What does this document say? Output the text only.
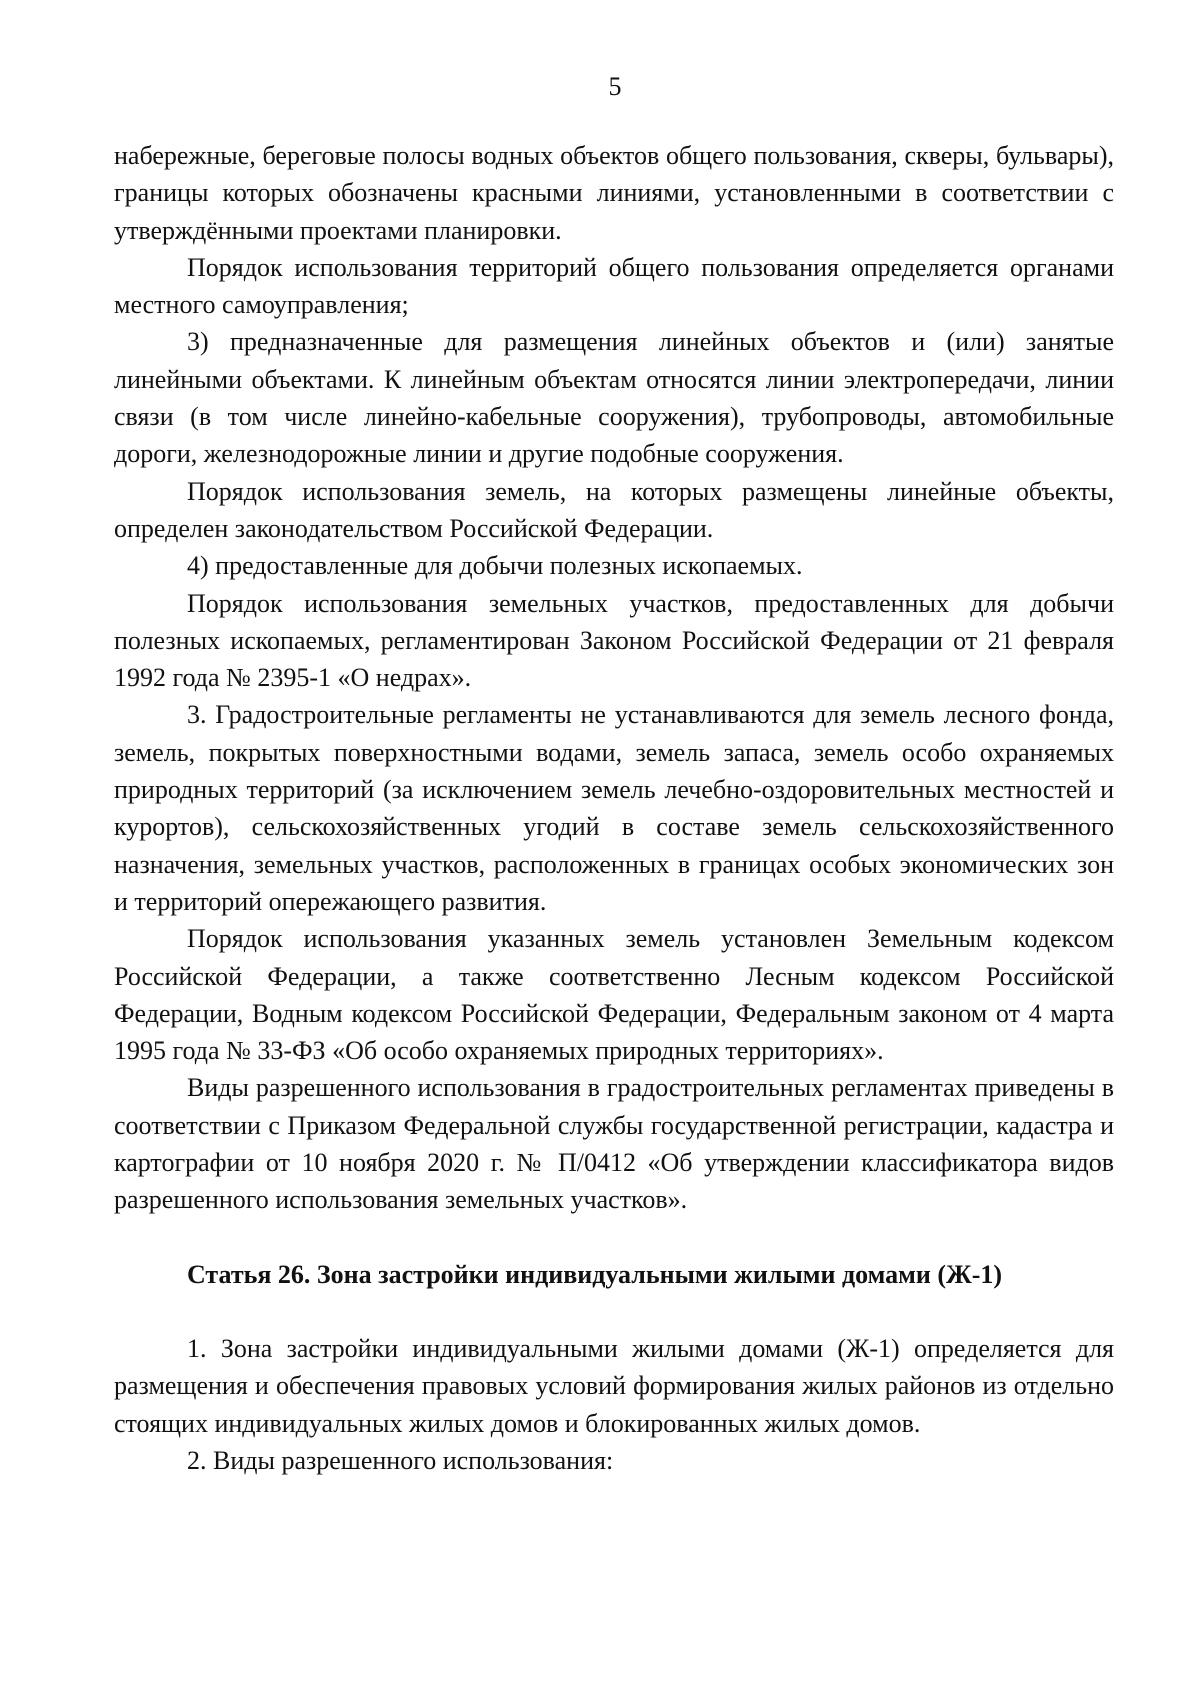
5

набережные, береговые полосы водных объектов общего пользования, скверы, бульвары), границы которых обозначены красными линиями, установленными в соответствии с утверждёнными проектами планировки.

Порядок использования территорий общего пользования определяется органами местного самоуправления;

3) предназначенные для размещения линейных объектов и (или) занятые линейными объектами. К линейным объектам относятся линии электропередачи, линии связи (в том числе линейно-кабельные сооружения), трубопроводы, автомобильные дороги, железнодорожные линии и другие подобные сооружения.

Порядок использования земель, на которых размещены линейные объекты, определен законодательством Российской Федерации.

4) предоставленные для добычи полезных ископаемых.

Порядок использования земельных участков, предоставленных для добычи полезных ископаемых, регламентирован Законом Российской Федерации от 21 февраля 1992 года № 2395-1 «О недрах».

3. Градостроительные регламенты не устанавливаются для земель лесного фонда, земель, покрытых поверхностными водами, земель запаса, земель особо охраняемых природных территорий (за исключением земель лечебно-оздоровительных местностей и курортов), сельскохозяйственных угодий в составе земель сельскохозяйственного назначения, земельных участков, расположенных в границах особых экономических зон и территорий опережающего развития.

Порядок использования указанных земель установлен Земельным кодексом Российской Федерации, а также соответственно Лесным кодексом Российской Федерации, Водным кодексом Российской Федерации, Федеральным законом от 4 марта 1995 года № 33-ФЗ «Об особо охраняемых природных территориях».

Виды разрешенного использования в градостроительных регламентах приведены в соответствии с Приказом Федеральной службы государственной регистрации, кадастра и картографии от 10 ноября 2020 г. № П/0412 «Об утверждении классификатора видов разрешенного использования земельных участков».

Статья 26. Зона застройки индивидуальными жилыми домами (Ж-1)

1. Зона застройки индивидуальными жилыми домами (Ж-1) определяется для размещения и обеспечения правовых условий формирования жилых районов из отдельно стоящих индивидуальных жилых домов и блокированных жилых домов.

2. Виды разрешенного использования:
